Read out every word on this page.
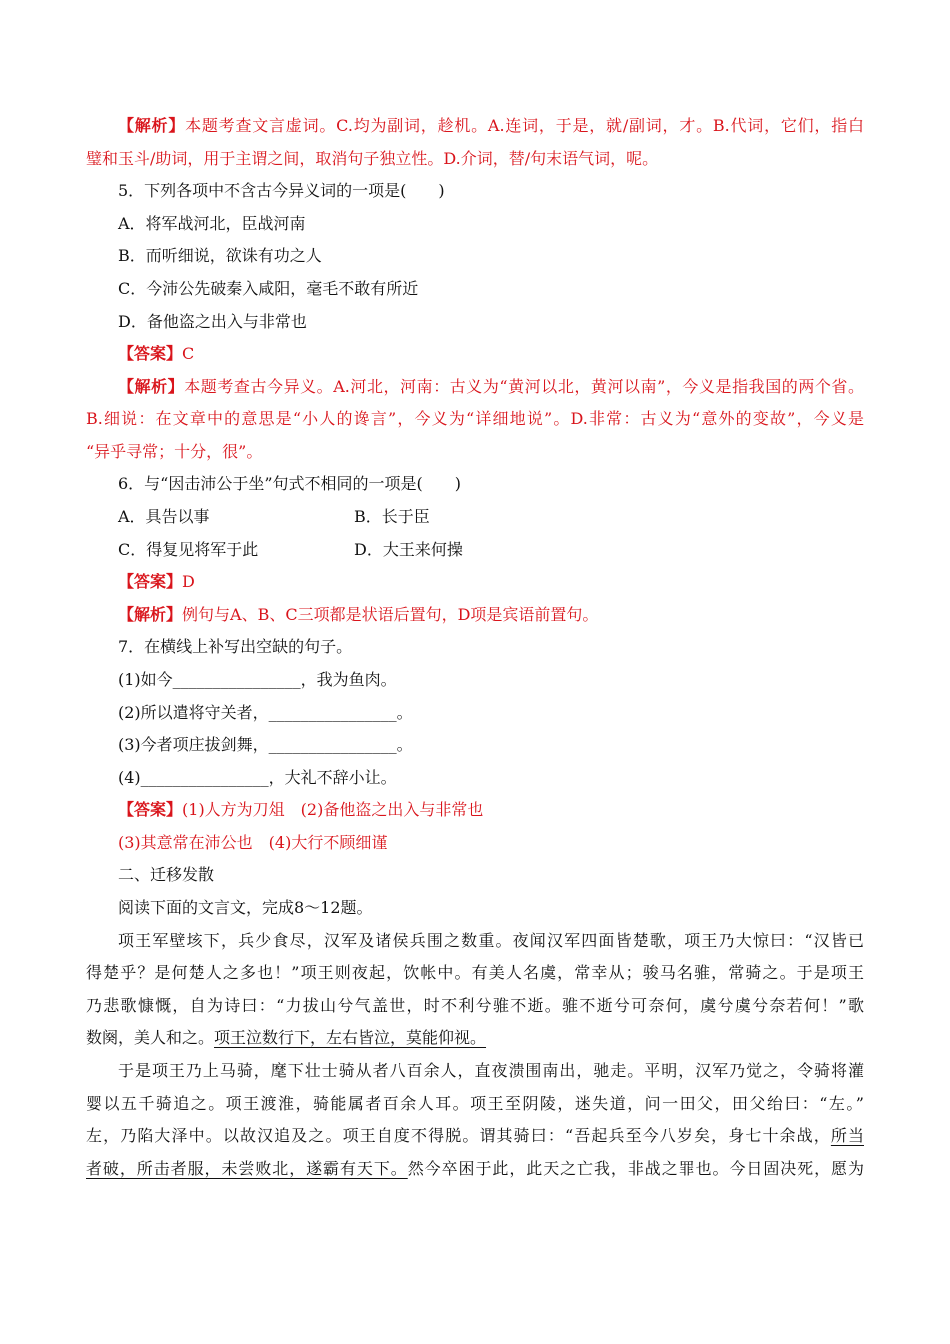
【解析】本题考查文言虚词。C.均为副词，趁机。A.连词，于是，就/副词，才。B.代词，它们，指白
璧和玉斗/助词，用于主谓之间，取消句子独立性。D.介词，替/句末语气词，呢。
5．下列各项中不含古今异义词的一项是(　　)
A．将军战河北，臣战河南
B．而听细说，欲诛有功之人
C．今沛公先破秦入咸阳，毫毛不敢有所近
D．备他盗之出入与非常也
【答案】C
【解析】本题考查古今异义。A.河北，河南：古义为“黄河以北，黄河以南”，今义是指我国的两个省。
B.细说：在文章中的意思是“小人的谗言”，今义为“详细地说”。D.非常：古义为“意外的变故”，今义是
“异乎寻常；十分，很”。
6．与“因击沛公于坐”句式不相同的一项是(　　)
A．具告以事	B．长于臣
C．得复见将军于此	D．大王来何操
【答案】D
【解析】例句与A、B、C三项都是状语后置句，D项是宾语前置句。
7．在横线上补写出空缺的句子。
(1)如今________________，我为鱼肉。
(2)所以遣将守关者，________________。
(3)今者项庄拔剑舞，________________。
(4)________________，大礼不辞小让。
【答案】(1)人方为刀俎　(2)备他盗之出入与非常也
(3)其意常在沛公也　(4)大行不顾细谨
二、迁移发散
阅读下面的文言文，完成8～12题。
项王军壁垓下，兵少食尽，汉军及诸侯兵围之数重。夜闻汉军四面皆楚歌，项王乃大惊曰：“汉皆已
得楚乎？是何楚人之多也！”项王则夜起，饮帐中。有美人名虞，常幸从；骏马名骓，常骑之。于是项王
乃悲歌慷慨，自为诗曰：“力拔山兮气盖世，时不利兮骓不逝。骓不逝兮可奈何，虞兮虞兮奈若何！”歌
数阕，美人和之。项王泣数行下，左右皆泣，莫能仰视。
于是项王乃上马骑，麾下壮士骑从者八百余人，直夜溃围南出，驰走。平明，汉军乃觉之，令骑将灌
婴以五千骑追之。项王渡淮，骑能属者百余人耳。项王至阴陵，迷失道，问一田父，田父绐曰：“左。”
左，乃陷大泽中。以故汉追及之。项王自度不得脱。谓其骑曰：“吾起兵至今八岁矣，身七十余战，所当
者破，所击者服，未尝败北，遂霸有天下。然今卒困于此，此天之亡我，非战之罪也。今日固决死，愿为
